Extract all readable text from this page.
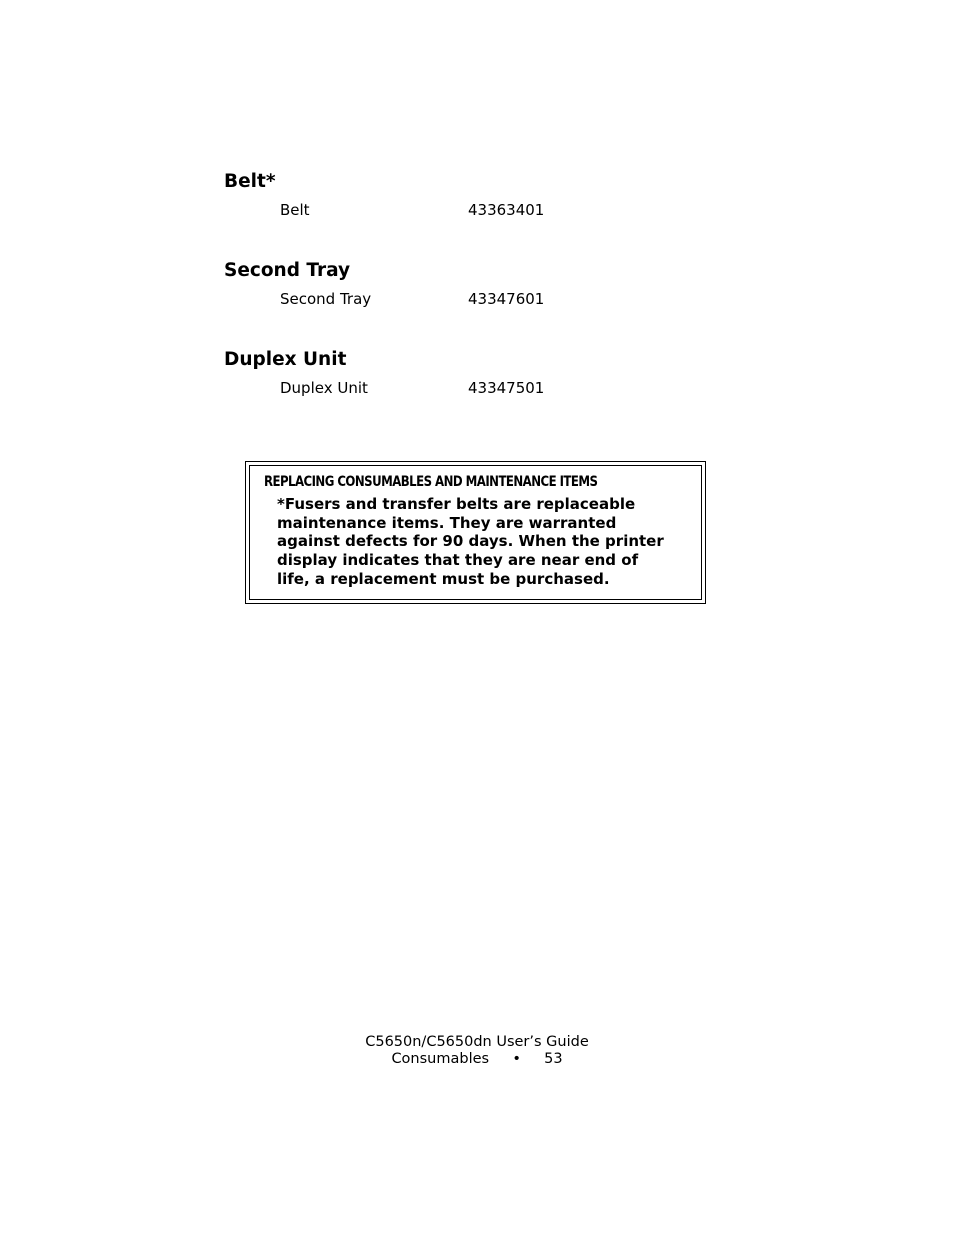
Belt*
Belt	43363401
Second Tray
Second Tray	43347601
Duplex Unit
Duplex Unit	43347501
REPLACING CONSUMABLES AND MAINTENANCE ITEMS
*Fusers and transfer belts are replaceable
maintenance items. They are warranted
against defects for 90 days. When the printer
display indicates that they are near end of
life, a replacement must be purchased.
C5650n/C5650dn User’s Guide
Consumables • 53
